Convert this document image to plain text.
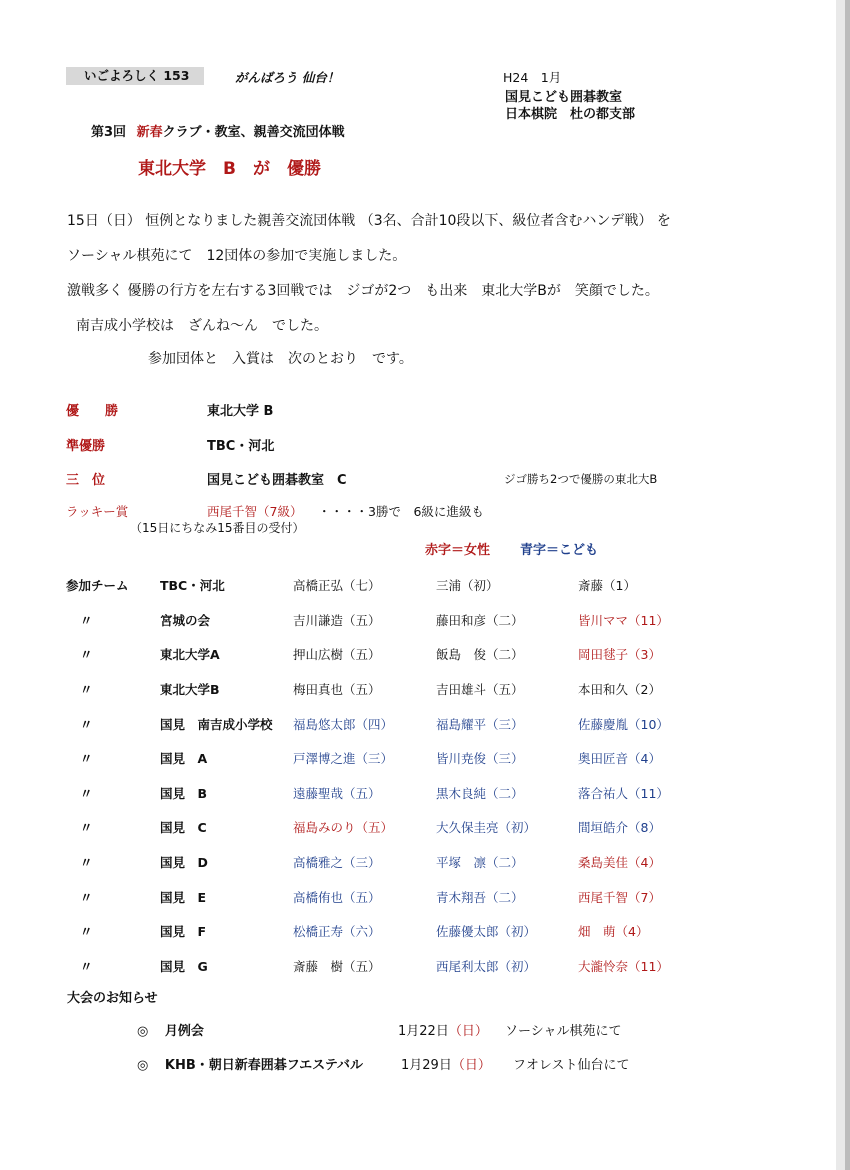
いごよろしく 153	がんばろう 仙台！	H24　1月
国見こども囲碁教室
日本棋院　杜の都支部
第3回 新春クラブ・教室、親善交流団体戦
東北大学　B　が　優勝
15日（日） 恒例となりました親善交流団体戦 （3名、合計10段以下、級位者含むハンデ戦） を
ソーシャル棋苑にて　12団体の参加で実施しました。
激戦多く 優勝の行方を左右する3回戦では　ジゴが2つ　も出来　東北大学Bが　笑顔でした。
南吉成小学校は　ざんね～ん　でした。
参加団体と　入賞は　次のとおり　です。
優　　勝	東北大学 B
準優勝	TBC・河北
三　位	国見こども囲碁教室　C	ジゴ勝ち2つで優勝の東北大B
ラッキー賞	西尾千智（7級） ・・・・3勝で　6級に進級も
（15日にちなみ15番目の受付）
赤字＝女性 青字＝こども
参加チーム	TBC・河北	高橋正弘（七）	三浦（初）	斎藤（1）
〃	宮城の会	吉川謙造（五）	藤田和彦（二）	皆川ママ（11）
〃	東北大学A	押山広樹（五）	飯島　俊（二）	岡田毬子（3）
〃	東北大学B	梅田真也（五）	吉田雄斗（五）	本田和久（2）
〃	国見　南吉成小学校	福島悠太郎（四）	福島耀平（三）	佐藤慶胤（10）
〃	国見　A	戸澤博之進（三）	皆川尭俊（三）	奥田匠音（4）
〃	国見　B	遠藤聖哉（五）	黒木良純（二）	落合祐人（11）
〃	国見　C	福島みのり（五）	大久保圭亮（初）	間垣皓介（8）
〃	国見　D	高橋雅之（三）	平塚　凛（二）	桑島美佳（4）
〃	国見　E	高橋侑也（五）	青木翔吾（二）	西尾千智（7）
〃	国見　F	松橋正寿（六）	佐藤優太郎（初）	畑　萌（4）
〃	国見　G	斎藤　樹（五）	西尾利太郎（初）	大瀧怜奈（11）
大会のお知らせ
◎ 月例会	1月22日（日） ソーシャル棋苑にて
◎ KHB・朝日新春囲碁フエステバル	1月29日（日） フオレスト仙台にて
